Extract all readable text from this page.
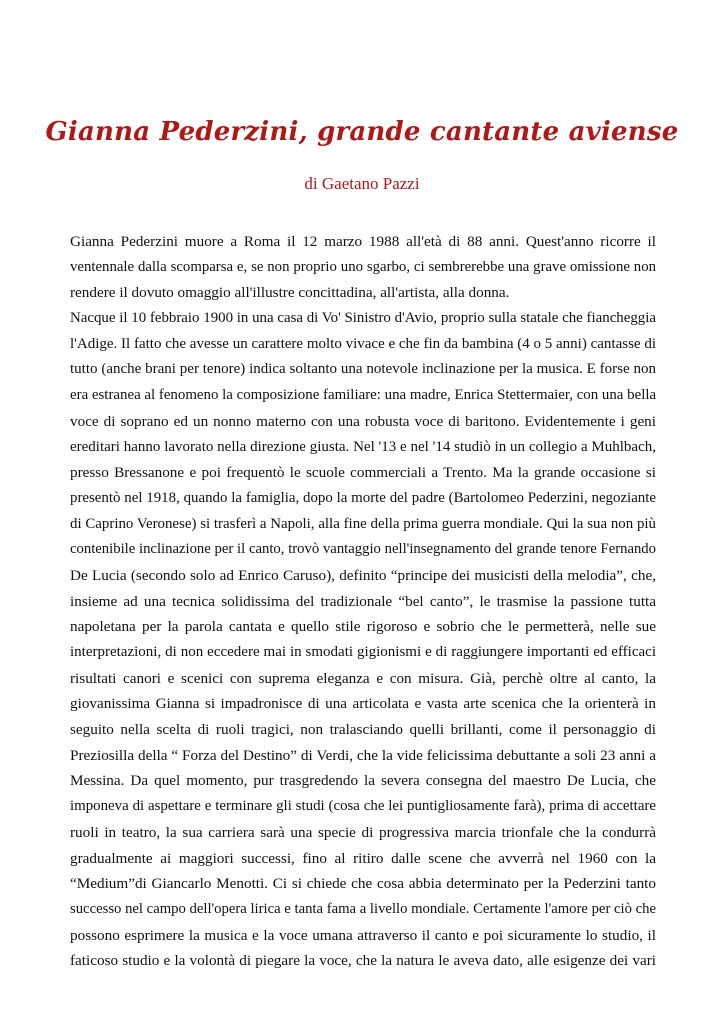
Gianna Pederzini, grande cantante aviense

di Gaetano Pazzi

Gianna Pederzini muore a Roma il 12 marzo 1988 all'età di 88 anni. Quest'anno ricorre il
ventennale dalla scomparsa e, se non proprio uno sgarbo, ci sembrerebbe una grave omissione non
rendere il dovuto omaggio all'illustre concittadina, all'artista, alla donna.
Nacque il 10 febbraio 1900 in una casa di Vo' Sinistro d'Avio, proprio sulla statale che fiancheggia
l'Adige. Il fatto che avesse un carattere molto vivace e che fin da bambina (4 o 5 anni) cantasse di
tutto (anche brani per tenore) indica soltanto una notevole inclinazione per la musica. E forse non
era estranea al fenomeno la composizione familiare: una madre, Enrica Stettermaier, con una bella
voce di soprano ed un nonno materno con una robusta voce di baritono. Evidentemente i geni
ereditari hanno lavorato nella direzione giusta. Nel '13 e nel '14 studiò in un collegio a Muhlbach,
presso Bressanone e poi frequentò le scuole commerciali a Trento. Ma la grande occasione si
presentò nel 1918, quando la famiglia, dopo la morte del padre (Bartolomeo Pederzini, negoziante
di Caprino Veronese) si trasferì a Napoli, alla fine della prima guerra mondiale. Qui la sua non più
contenibile inclinazione per il canto, trovò vantaggio nell'insegnamento del grande tenore Fernando
De Lucia (secondo solo ad Enrico Caruso), definito “principe dei musicisti della melodia”, che,
insieme ad una tecnica solidissima del tradizionale “bel canto”, le trasmise la passione tutta
napoletana per la parola cantata e quello stile rigoroso e sobrio che le permetterà, nelle sue
interpretazioni, di non eccedere mai in smodati gigionismi e di raggiungere importanti ed efficaci
risultati canori e scenici con suprema eleganza e con misura. Già, perchè oltre al canto, la
giovanissima Gianna si impadronisce di una articolata e vasta arte scenica che la orienterà in
seguito nella scelta di ruoli tragici, non tralasciando quelli brillanti, come il personaggio di
Preziosilla della “ Forza del Destino” di Verdi, che la vide felicissima debuttante a soli 23 anni a
Messina. Da quel momento, pur trasgredendo la severa consegna del maestro De Lucia, che
imponeva di aspettare e terminare gli studi (cosa che lei puntigliosamente farà), prima di accettare
ruoli in teatro, la sua carriera sarà una specie di progressiva marcia trionfale che la condurrà
gradualmente ai maggiori successi, fino al ritiro dalle scene che avverrà nel 1960 con la
“Medium”di Giancarlo Menotti. Ci si chiede che cosa abbia determinato per la Pederzini tanto
successo nel campo dell'opera lirica e tanta fama a livello mondiale. Certamente l'amore per ciò che
possono esprimere la musica e la voce umana attraverso il canto e poi sicuramente lo studio, il
faticoso studio e la volontà di piegare la voce, che la natura le aveva dato, alle esigenze dei vari
